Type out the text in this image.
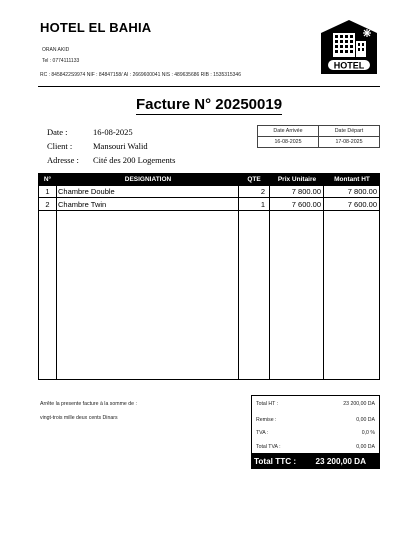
HOTEL EL BAHIA
ORAN AKID
Tel : 0774111133
RC : 8458422S9974 NIF : 84847158/ AI : 2669600041 NIS : 489635686 RIB : 1535315346
HOTEL
Facture N° 20250019
Date :	16-08-2025
Client : Mansouri Walid
Adresse : Cité des 200 Logements
Date Arrivée	Date Départ
16-08-2025	17-08-2025
N°	DESIGNIATION	QTE	Prix Unitaire	Montant HT
1	Chambre Double	2	7 800.00	7 800.00
2	Chambre Twin	1	7 600.00	7 600.00
Arrête la presente facture à la somme de :
vingt-trois mille deux cents Dinars
Total HT :	23 200,00 DA
Remise :	0,00 DA
TVA :	0,0 %
Total TVA :	0,00 DA
Total TTC : 23 200,00 DA
